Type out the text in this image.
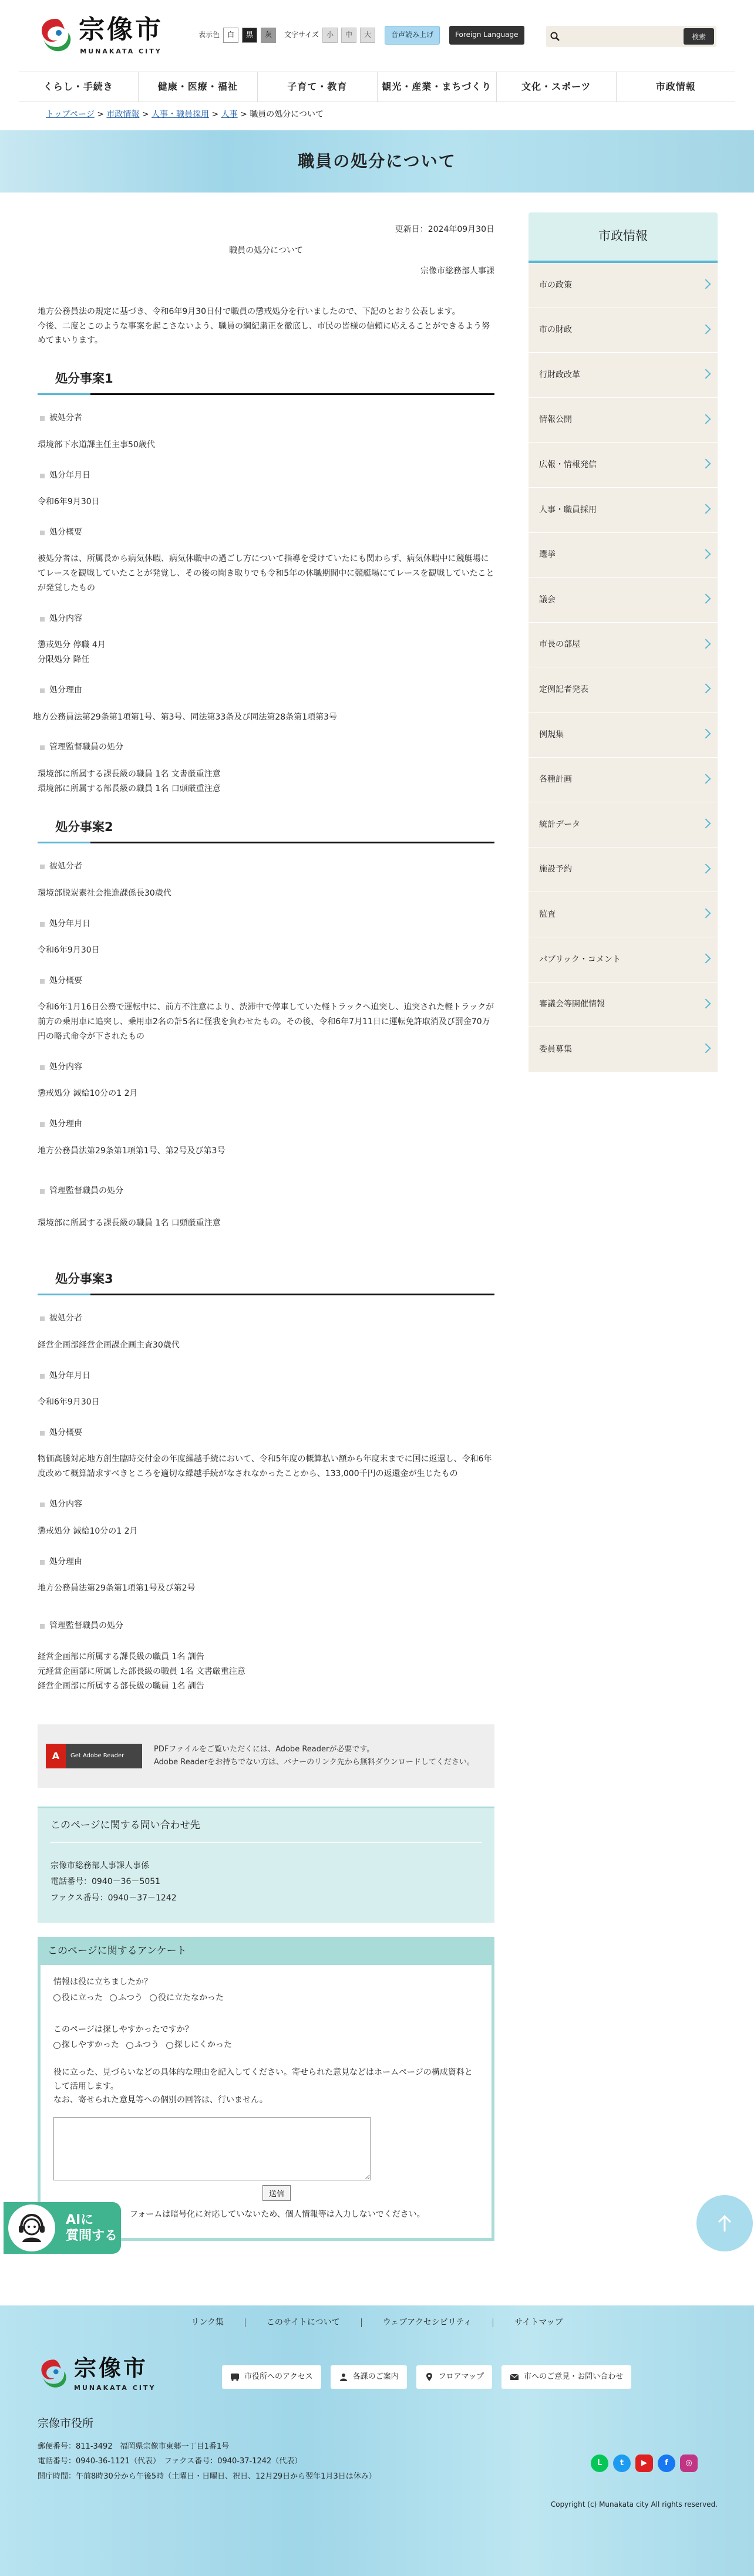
宗像市
MUNAKATA CITY
表示色	白	黒	灰	文字サイズ	小	中	大	音声読み上げ	Foreign Language	検索
くらし・手続き	健康・医療・福祉	子育て・教育	観光・産業・まちづくり	文化・スポーツ	市政情報
トップページ > 市政情報 > 人事・職員採用 > 人事 > 職員の処分について
職員の処分について
更新日：2024年09月30日
職員の処分について
宗像市総務部人事課

地方公務員法の規定に基づき、令和6年9月30日付で職員の懲戒処分を行いましたので、下記のとおり公表します。
今後、二度とこのような事案を起こさないよう、職員の綱紀粛正を徹底し、市民の皆様の信頼に応えることができるよう努めてまいります。

処分事案1
被処分者

環境部下水道課主任主事50歳代

処分年月日

令和6年9月30日

処分概要

被処分者は、所属長から病気休暇、病気休職中の過ごし方について指導を受けていたにも関わらず、病気休暇中に競艇場にてレースを観戦していたことが発覚し、その後の聞き取りでも令和5年の休職期間中に競艇場にてレースを観戦していたことが発覚したもの

処分内容

懲戒処分 停職 4月
分限処分 降任

処分理由

地方公務員法第29条第1項第1号、第3号、同法第33条及び同法第28条第1項第3号

管理監督職員の処分

環境部に所属する課長級の職員 1名 文書厳重注意
環境部に所属する部長級の職員 1名 口頭厳重注意

処分事案2
被処分者

環境部脱炭素社会推進課係長30歳代

処分年月日

令和6年9月30日

処分概要

令和6年1月16日公務で運転中に、前方不注意により、渋滞中で停車していた軽トラックへ追突し、追突された軽トラックが前方の乗用車に追突し、乗用車2名の計5名に怪我を負わせたもの。その後、令和6年7月11日に運転免許取消及び罰金70万円の略式命令が下されたもの

処分内容

懲戒処分 減給10分の1 2月

処分理由

地方公務員法第29条第1項第1号、第2号及び第3号

管理監督職員の処分

環境部に所属する課長級の職員 1名 口頭厳重注意

処分事案3
被処分者

経営企画部経営企画課企画主査30歳代

処分年月日

令和6年9月30日

処分概要

物価高騰対応地方創生臨時交付金の年度繰越手続において、令和5年度の概算払い額から年度末までに国に返還し、令和6年度改めて概算請求すべきところを適切な繰越手続がなされなかったことから、133,000千円の返還金が生じたもの

処分内容

懲戒処分 減給10分の1 2月

処分理由

地方公務員法第29条第1項第1号及び第2号

管理監督職員の処分

経営企画部に所属する課長級の職員 1名 訓告
元経営企画部に所属した部長級の職員 1名 文書厳重注意
経営企画部に所属する部長級の職員 1名 訓告

A	Get Adobe Reader

PDFファイルをご覧いただくには、Adobe Readerが必要です。
Adobe Readerをお持ちでない方は、バナーのリンク先から無料ダウンロードしてください。

このページに関する問い合わせ先
宗像市総務部人事課人事係
電話番号：0940－36－5051
ファクス番号：0940－37－1242
このページに関するアンケート
情報は役に立ちましたか？
役に立った ふつう 役に立たなかった
このページは探しやすかったですか？
探しやすかった ふつう 探しにくかった

役に立った、見づらいなどの具体的な理由を記入してください。寄せられた意見などはホームページの構成資料として活用します。
なお、寄せられた意見等への個別の回答は、行いません。

送信

フォームは暗号化に対応していないため、個人情報等は入力しないでください。

市政情報
市の政策
市の財政
行財政改革
情報公開
広報・情報発信
人事・職員採用
選挙
議会
市長の部屋
定例記者発表
例規集
各種計画
統計データ
施設予約
監査
パブリック・コメント
審議会等開催情報
委員募集
AIに
質問する
リンク集	このサイトについて	ウェブアクセシビリティ	サイトマップ
宗像市
MUNAKATA CITY
市役所へのアクセス	各課のご案内	フロアマップ	市へのご意見・お問い合わせ
宗像市役所
郵便番号：811-3492　福岡県宗像市東郷一丁目1番1号
電話番号：0940-36-1121（代表）　ファクス番号：0940-37-1242（代表）
開庁時間：午前8時30分から午後5時（土曜日・日曜日、祝日、12月29日から翌年1月3日は休み）
L	t	▶	f	◎
Copyright (c) Munakata city All rights reserved.
